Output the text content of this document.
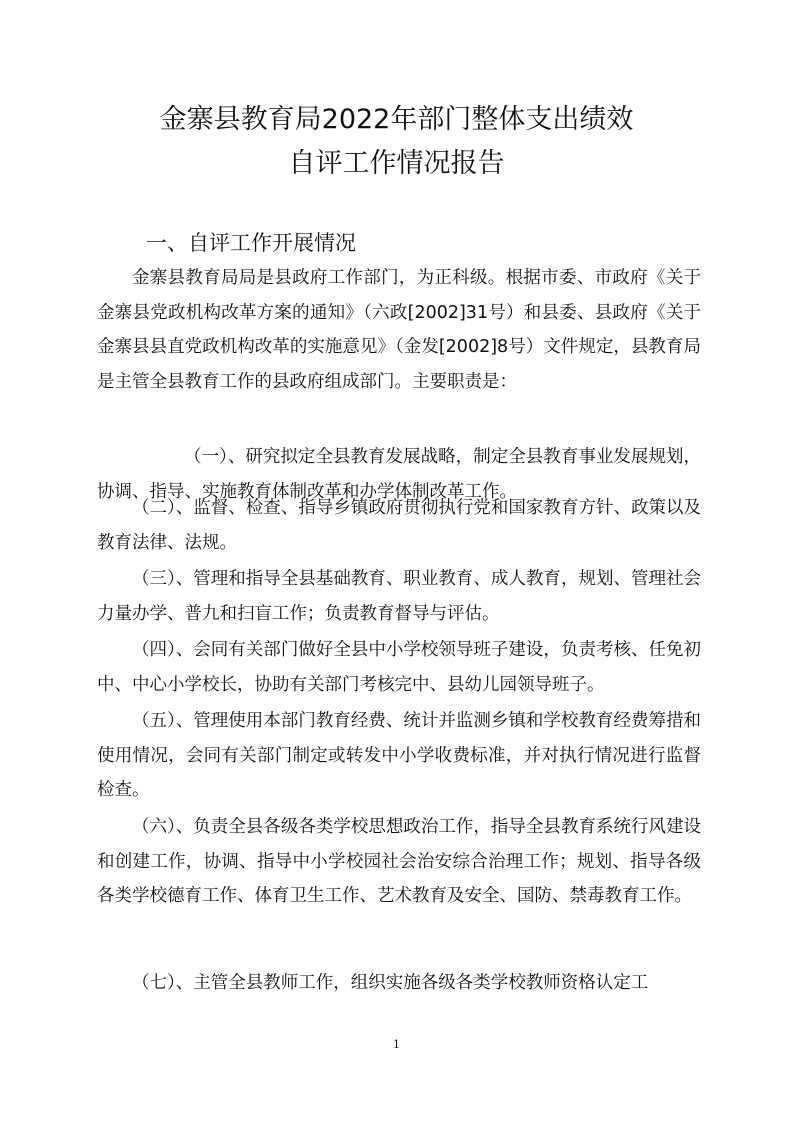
金寨县教育局2022年部门整体支出绩效
自评工作情况报告
一、自评工作开展情况

金寨县教育局局是县政府工作部门，为正科级。根据市委、市政府《关于金寨县党政机构改革方案的通知》（六政[2002]31号）和县委、县政府《关于金寨县县直党政机构改革的实施意见》（金发[2002]8号）文件规定，县教育局是主管全县教育工作的县政府组成部门。主要职责是：

（一）、研究拟定全县教育发展战略，制定全县教育事业发展规划，协调、指导、实施教育体制改革和办学体制改革工作。

（二）、监督、检查、指导乡镇政府贯彻执行党和国家教育方针、政策以及教育法律、法规。

（三）、管理和指导全县基础教育、职业教育、成人教育，规划、管理社会力量办学、普九和扫盲工作；负责教育督导与评估。

（四）、会同有关部门做好全县中小学校领导班子建设，负责考核、任免初中、中心小学校长，协助有关部门考核完中、县幼儿园领导班子。

（五）、管理使用本部门教育经费、统计并监测乡镇和学校教育经费筹措和使用情况，会同有关部门制定或转发中小学收费标准，并对执行情况进行监督检查。

（六）、负责全县各级各类学校思想政治工作，指导全县教育系统行风建设和创建工作，协调、指导中小学校园社会治安综合治理工作；规划、指导各级各类学校德育工作、体育卫生工作、艺术教育及安全、国防、禁毒教育工作。

（七）、主管全县教师工作，组织实施各级各类学校教师资格认定工

1
